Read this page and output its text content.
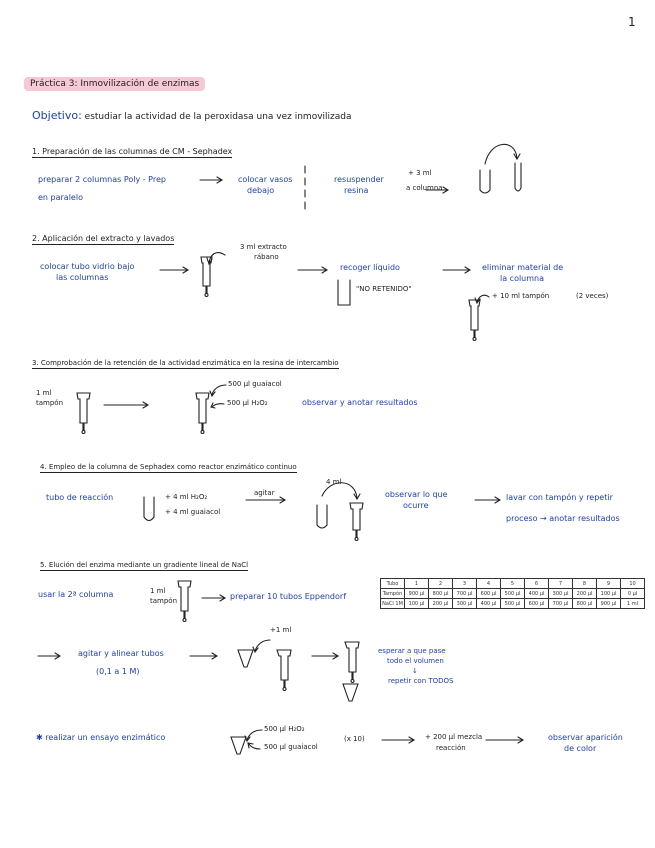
1
Práctica 3: Inmovilización de enzimas
Objetivo: estudiar la actividad de la peroxidasa una vez inmovilizada
1. Preparación de las columnas de CM - Sephadex
preparar 2 columnas Poly - Prep
en paralelo
colocar vasos
debajo
resuspender
resina
+ 3 ml
a columna
2. Aplicación del extracto y lavados
3 ml extracto
rábano
colocar tubo vidrio bajo
las columnas
recoger líquido
"NO RETENIDO"
eliminar material de
la columna
+ 10 ml tampón	(2 veces)
3. Comprobación de la retención de la actividad enzimática en la resina de intercambio
1 ml
tampón
500 µl guaiacol
500 µl H₂O₂	observar y anotar resultados
4. Empleo de la columna de Sephadex como reactor enzimático continuo
tubo de reacción	+ 4 ml H₂O₂
+ 4 ml guaiacol
agitar
4 ml
observar lo que
ocurre
lavar con tampón y repetir
proceso → anotar resultados
5. Elución del enzima mediante un gradiente lineal de NaCl
usar la 2ª columna	1 ml
tampón	preparar 10 tubos Eppendorf
Tubo	1	2	3	4	5	6	7	8	9	10
Tampón	900 µl	800 µl	700 µl	600 µl	500 µl	400 µl	300 µl	200 µl	100 µl	0 µl
NaCl 1M	100 µl	200 µl	300 µl	400 µl	500 µl	600 µl	700 µl	800 µl	900 µl	1 ml
agitar y alinear tubos
(0,1 a 1 M)
+1 ml
esperar a que pase
todo el volumen
↓
repetir con TODOS
✱ realizar un ensayo enzimático
500 µl H₂O₂
500 µl guaiacol
(x 10)	+ 200 µl mezcla
reacción
observar aparición
de color
